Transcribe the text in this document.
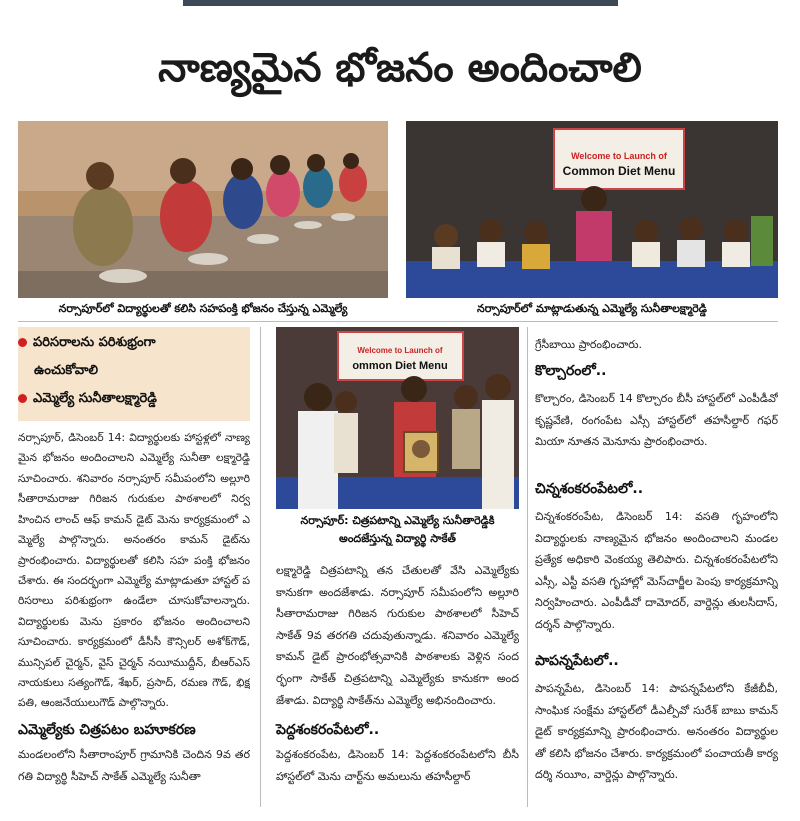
నాణ్యమైన భోజనం అందించాలి
Welcome to Launch of
Common Diet Menu
నర్సాపూర్‌లో విద్యార్థులతో కలిసి సహపంక్తి భోజనం చేస్తున్న ఎమ్మెల్యే	నర్సాపూర్‌లో మాట్లాడుతున్న ఎమ్మెల్యే సునీతాలక్ష్మారెడ్డి
పరిసరాలను పరిశుభ్రంగా
ఉంచుకోవాలి
ఎమ్మెల్యే సునీతాలక్ష్మారెడ్డి

నర్సాపూర్, డిసెంబర్ 14: విద్యార్థులకు హాస్టళ్లలో నాణ్యమైన భోజనం అందించాలని ఎమ్మెల్యే సునీతా లక్ష్మారెడ్డి సూచించారు. శనివారం నర్సాపూర్ సమీపంలోని అల్లూరి సీతారామరాజు గిరిజన గురుకుల పాఠశాలలో నిర్వహించిన లాంచ్ ఆఫ్ కామన్ డైట్ మెను కార్యక్రమంలో ఎమ్మెల్యే పాల్గొన్నారు. అనంతరం కామన్ డైట్‌ను ప్రారంభించారు. విద్యార్థులతో కలిసి సహ పంక్తి భోజనం చేశారు. ఈ సందర్భంగా ఎమ్మెల్యే మాట్లాడుతూ హాస్టల్ పరిసరాలు పరిశుభ్రంగా ఉండేలా చూసుకోవాలన్నారు. విద్యార్థులకు మెను ప్రకారం భోజనం అందించాలని సూచించారు. కార్యక్రమంలో డీసీసీ కౌన్సిలర్ అశోక్‌గౌడ్, మున్సిపల్ చైర్మన్, వైస్ చైర్మన్ నయీముద్దీన్, బీఆర్ఎస్ నాయకులు సత్యంగౌడ్, శేఖర్, ప్రసాద్, రమణ గౌడ్, భిక్షపతి, ఆంజనేయులుగౌడ్ పాల్గొన్నారు.

ఎమ్మెల్యేకు చిత్రపటం బహూకరణ

మండలంలోని సీతారాంపూర్ గ్రామానికి చెందిన 9వ తరగతి విద్యార్థి సీహెచ్ సాకేత్ ఎమ్మెల్యే సునీతా

Welcome to Launch of
ommon Diet Menu
నర్సాపూర్: చిత్రపటాన్ని ఎమ్మెల్యే సునీతారెడ్డికి
అందజేస్తున్న విద్యార్థి సాకేత్

లక్ష్మారెడ్డి చిత్రపటాన్ని తన చేతులతో వేసి ఎమ్మెల్యేకు కానుకగా అందజేశాడు. నర్సాపూర్ సమీపంలోని అల్లూరి సీతారామరాజు గిరిజన గురుకుల పాఠశాలలో సీహెచ్ సాకేత్ 9వ తరగతి చదువుతున్నాడు. శనివారం ఎమ్మెల్యే కామన్ డైట్ ప్రారంభోత్సవానికి పాఠశాలకు వెళ్లిన సందర్భంగా సాకేత్ చిత్రపటాన్ని ఎమ్మెల్యేకు కానుకగా అందజేశాడు. విద్యార్థి సాకేత్‌ను ఎమ్మెల్యే అభినందించారు.

పెద్దశంకరంపేటలో..

పెద్దశంకరంపేట, డిసెంబర్ 14: పెద్దశంకరంపేటలోని బీసీ హాస్టల్‌లో మెను చార్ట్‌ను అమలును తహసీల్దార్

గ్రేసీబాయి ప్రారంభించారు.

కొల్చారంలో..

కొల్చారం, డిసెంబర్ 14 కొల్చారం బీసీ హాస్టల్‌లో ఎంపీడీవో కృష్ణవేణి, రంగంపేట ఎస్సీ హాస్టల్‌లో తహసీల్దార్ గఫర్ మియా నూతన మెనూను ప్రారంభించారు.

చిన్నశంకరంపేటలో..

చిన్నశంకరంపేట, డిసెంబర్ 14: వసతి గృహంలోని విద్యార్థులకు నాణ్యమైన భోజనం అందించాలని మండల ప్రత్యేక అధికారి వెంకయ్య తెలిపారు. చిన్నశంకరంపేటలోని ఎస్సీ, ఎస్టీ వసతి గృహాల్లో మెస్‌చార్జీల పెంపు కార్యక్రమాన్ని నిర్వహించారు. ఎంపీడీవో దామోదర్, వార్డెన్లు తులసీదాస్, దర్శన్ పాల్గొన్నారు.

పాపన్నపేటలో..

పాపన్నపేట, డిసెంబర్ 14: పాపన్నపేటలోని కేజీబీవీ, సాంఘిక సంక్షేమ హాస్టల్‌లో డీఎల్పీవో సురేశ్ బాబు కామన్ డైట్ కార్యక్రమాన్ని ప్రారంభించారు. అనంతరం విద్యార్థులతో కలిసి భోజనం చేశారు. కార్యక్రమంలో పంచాయతీ కార్యదర్శి నయీం, వార్డెన్లు పాల్గొన్నారు.
